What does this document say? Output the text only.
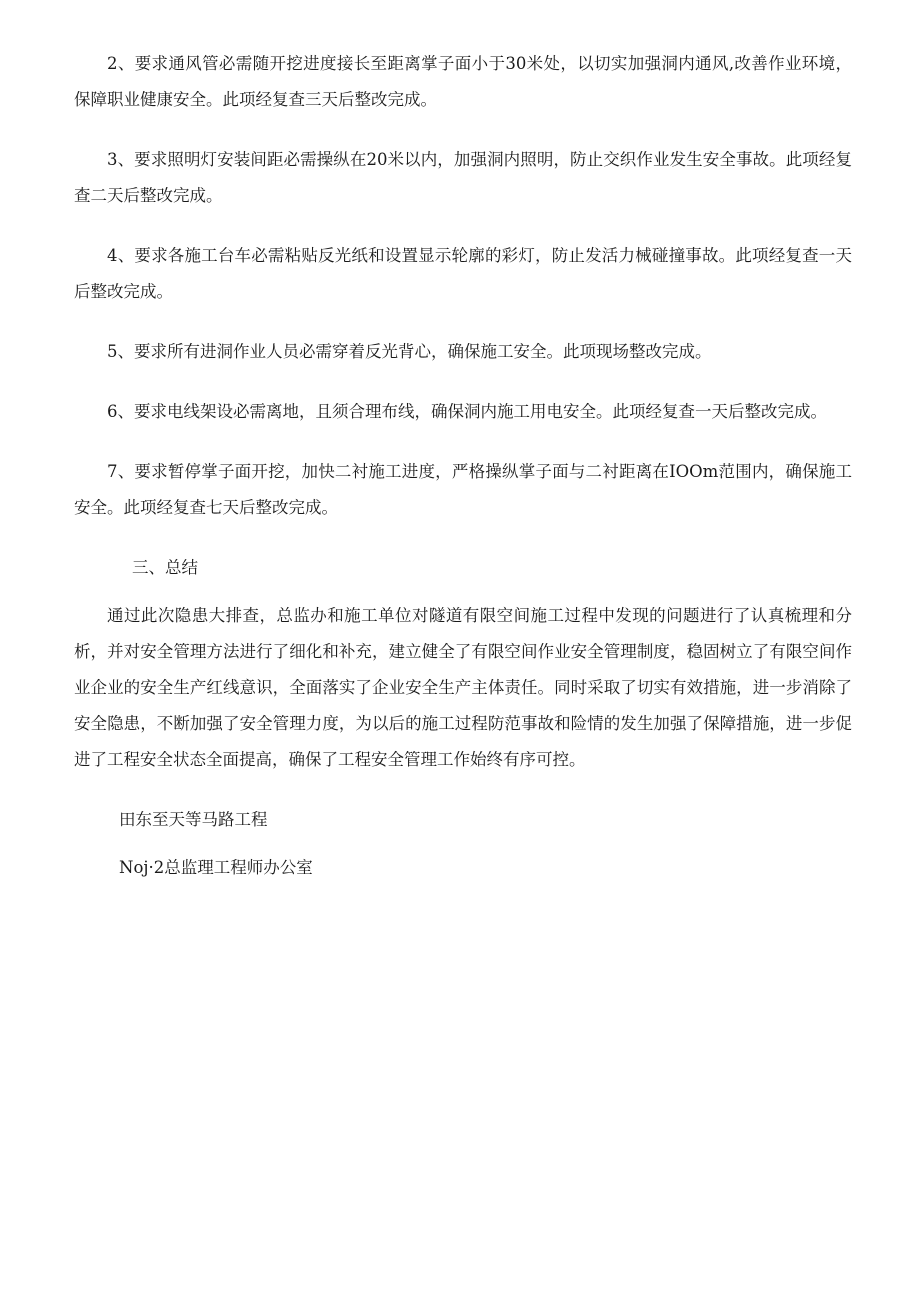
2、要求通风管必需随开挖进度接长至距离掌子面小于30米处，以切实加强洞内通风,改善作业环境，保障职业健康安全。此项经复查三天后整改完成。

3、要求照明灯安装间距必需操纵在20米以内，加强洞内照明，防止交织作业发生安全事故。此项经复查二天后整改完成。

4、要求各施工台车必需粘贴反光纸和设置显示轮廓的彩灯，防止发活力械碰撞事故。此项经复查一天后整改完成。

5、要求所有进洞作业人员必需穿着反光背心，确保施工安全。此项现场整改完成。

6、要求电线架设必需离地，且须合理布线，确保洞内施工用电安全。此项经复查一天后整改完成。

7、要求暂停掌子面开挖，加快二衬施工进度，严格操纵掌子面与二衬距离在IOOm范围内，确保施工安全。此项经复查七天后整改完成。

三、总结

通过此次隐患大排查，总监办和施工单位对隧道有限空间施工过程中发现的问题进行了认真梳理和分析，并对安全管理方法进行了细化和补充，建立健全了有限空间作业安全管理制度，稳固树立了有限空间作业企业的安全生产红线意识，全面落实了企业安全生产主体责任。同时采取了切实有效措施，进一步消除了安全隐患，不断加强了安全管理力度，为以后的施工过程防范事故和险情的发生加强了保障措施，进一步促进了工程安全状态全面提高，确保了工程安全管理工作始终有序可控。

田东至天等马路工程

Noj·2总监理工程师办公室
